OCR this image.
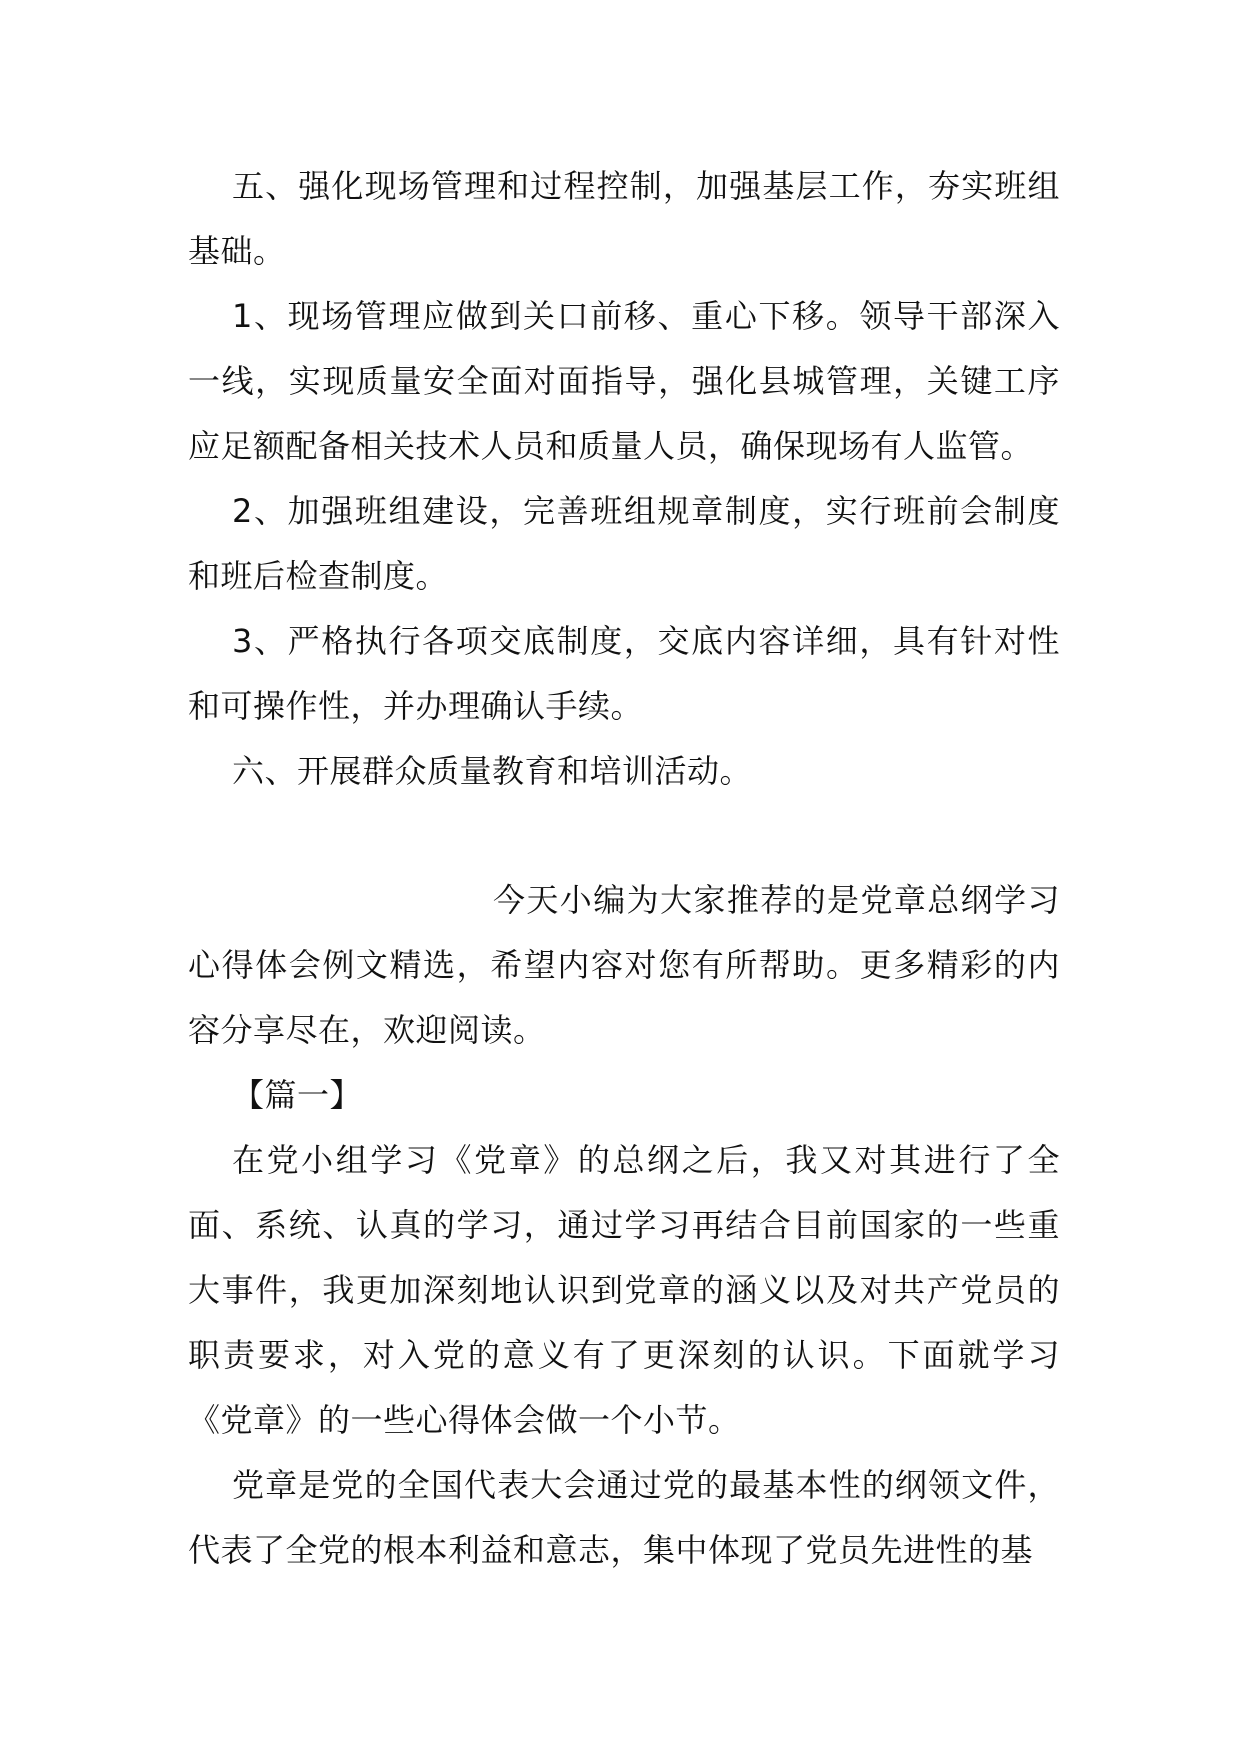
五、强化现场管理和过程控制，加强基层工作，夯实班组基础。

1、现场管理应做到关口前移、重心下移。领导干部深入一线，实现质量安全面对面指导，强化县城管理，关键工序应足额配备相关技术人员和质量人员，确保现场有人监管。

2、加强班组建设，完善班组规章制度，实行班前会制度和班后检查制度。

3、严格执行各项交底制度，交底内容详细，具有针对性和可操作性，并办理确认手续。

六、开展群众质量教育和培训活动。

今天小编为大家推荐的是党章总纲学习心得体会例文精选，希望内容对您有所帮助。更多精彩的内容分享尽在，欢迎阅读。

【篇一】

在党小组学习《党章》的总纲之后，我又对其进行了全面、系统、认真的学习，通过学习再结合目前国家的一些重大事件，我更加深刻地认识到党章的涵义以及对共产党员的职责要求，对入党的意义有了更深刻的认识。下面就学习《党章》的一些心得体会做一个小节。

党章是党的全国代表大会通过党的最基本性的纲领文件，代表了全党的根本利益和意志，集中体现了党员先进性的基
